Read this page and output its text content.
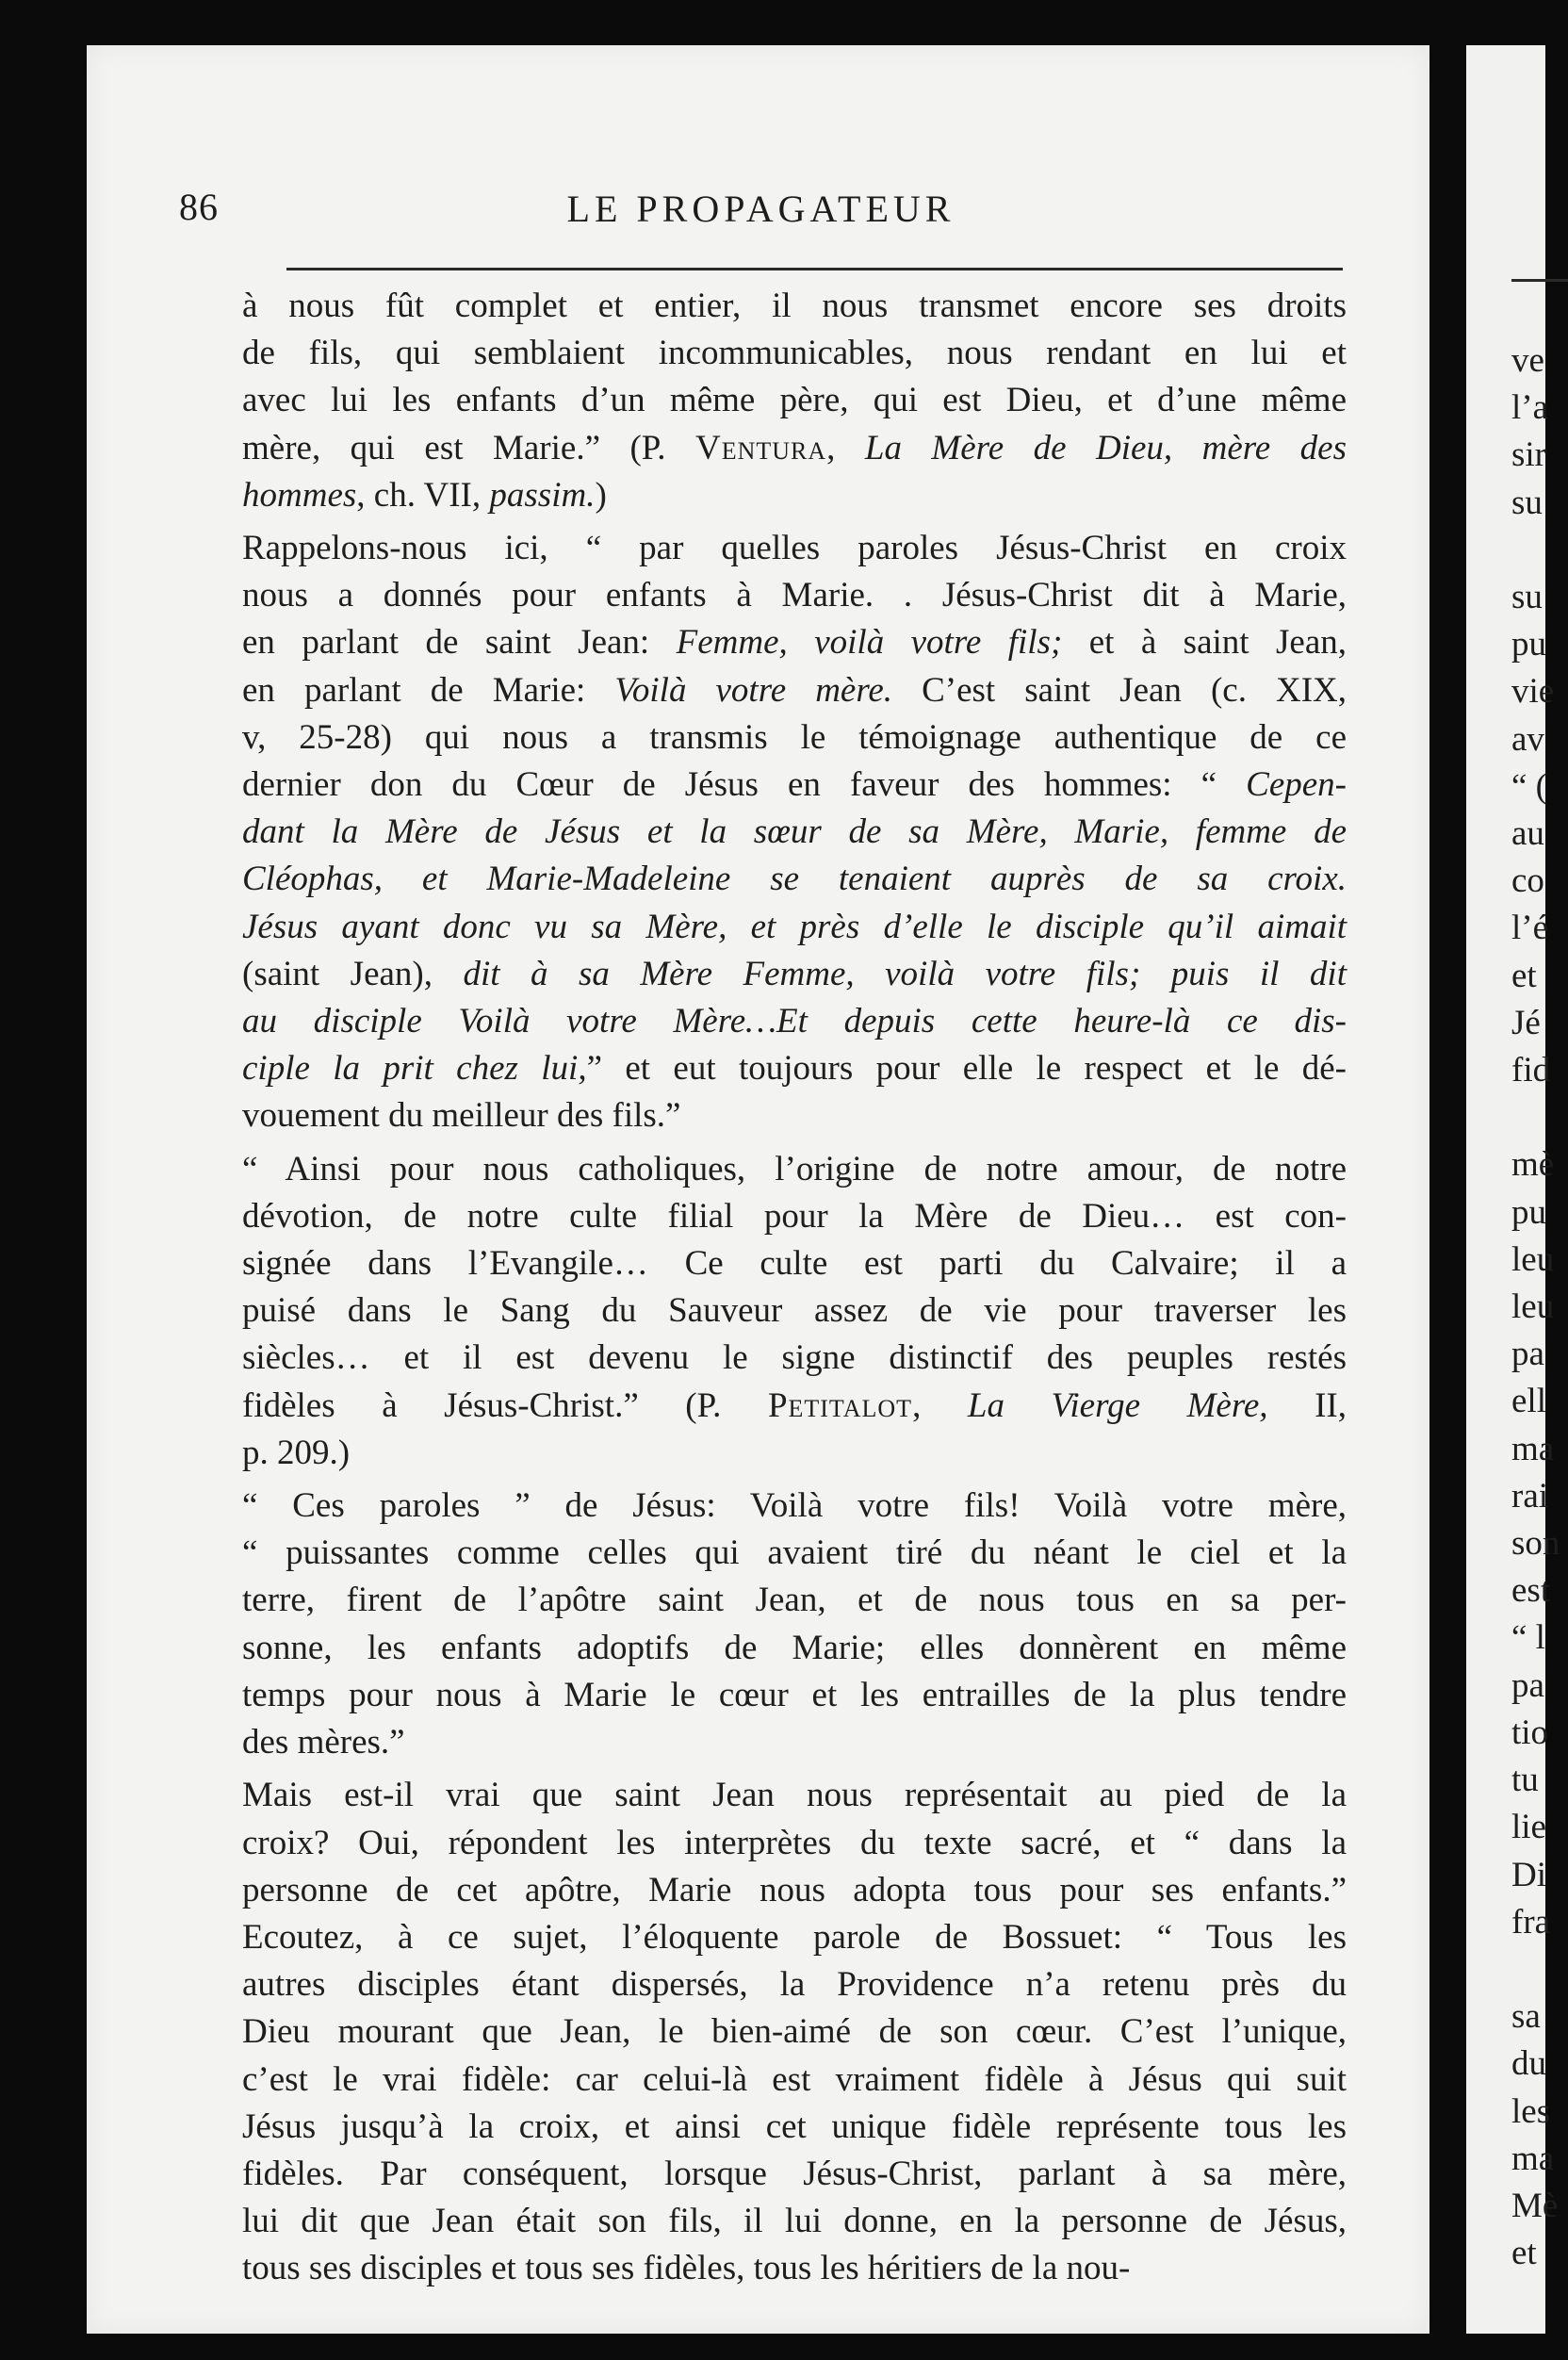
86	LE PROPAGATEUR
à nous fût complet et entier, il nous transmet encore ses droits
de fils, qui semblaient incommunicables, nous rendant en lui et
avec lui les enfants d’un même père, qui est Dieu, et d’une même
mère, qui est Marie.” (P. Ventura, La Mère de Dieu, mère des
hommes, ch. VII, passim.)
Rappelons-nous ici, “ par quelles paroles Jésus-Christ en croix
nous a donnés pour enfants à Marie. . Jésus-Christ dit à Marie,
en parlant de saint Jean: Femme, voilà votre fils; et à saint Jean,
en parlant de Marie: Voilà votre mère. C’est saint Jean (c. XIX,
v, 25-28) qui nous a transmis le témoignage authentique de ce
dernier don du Cœur de Jésus en faveur des hommes: “ Cepen-
dant la Mère de Jésus et la sœur de sa Mère, Marie, femme de
Cléophas, et Marie-Madeleine se tenaient auprès de sa croix.
Jésus ayant donc vu sa Mère, et près d’elle le disciple qu’il aimait
(saint Jean), dit à sa Mère Femme, voilà votre fils; puis il dit
au disciple Voilà votre Mère…Et depuis cette heure-là ce dis-
ciple la prit chez lui,” et eut toujours pour elle le respect et le dé-
vouement du meilleur des fils.”
“ Ainsi pour nous catholiques, l’origine de notre amour, de notre
dévotion, de notre culte filial pour la Mère de Dieu… est con-
signée dans l’Evangile… Ce culte est parti du Calvaire; il a
puisé dans le Sang du Sauveur assez de vie pour traverser les
siècles… et il est devenu le signe distinctif des peuples restés
fidèles à Jésus-Christ.” (P. Petitalot, La Vierge Mère, II,
p. 209.)
“ Ces paroles ” de Jésus: Voilà votre fils! Voilà votre mère,
“ puissantes comme celles qui avaient tiré du néant le ciel et la
terre, firent de l’apôtre saint Jean, et de nous tous en sa per-
sonne, les enfants adoptifs de Marie; elles donnèrent en même
temps pour nous à Marie le cœur et les entrailles de la plus tendre
des mères.”
Mais est-il vrai que saint Jean nous représentait au pied de la
croix? Oui, répondent les interprètes du texte sacré, et “ dans la
personne de cet apôtre, Marie nous adopta tous pour ses enfants.”
Ecoutez, à ce sujet, l’éloquente parole de Bossuet: “ Tous les
autres disciples étant dispersés, la Providence n’a retenu près du
Dieu mourant que Jean, le bien-aimé de son cœur. C’est l’unique,
c’est le vrai fidèle: car celui-là est vraiment fidèle à Jésus qui suit
Jésus jusqu’à la croix, et ainsi cet unique fidèle représente tous les
fidèles. Par conséquent, lorsque Jésus-Christ, parlant à sa mère,
lui dit que Jean était son fils, il lui donne, en la personne de Jésus,
tous ses disciples et tous ses fidèles, tous les héritiers de la nou-
ve
l’a
sir
su

su
pu
vie
av
“ (
au
co
l’é
et
Jé
fid

mè
pu
leu
leu
pa
ell
ma
rai
son
est
“ l
pa
tio
tu
lie
Di
fra

sa
du
les
ma
Mè
et
